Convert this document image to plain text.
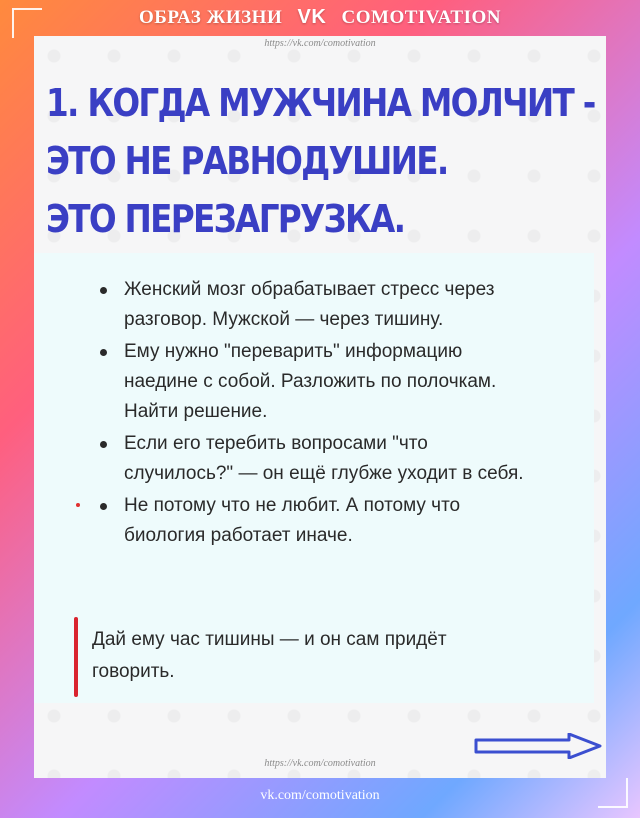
ОБРАЗ ЖИЗНИ VK COMOTIVATION
https://vk.com/comotivation
1. КОГДА МУЖЧИНА МОЛЧИТ -
ЭТО НЕ РАВНОДУШИЕ.
ЭТО ПЕРЕЗАГРУЗКА.
Женский мозг обрабатывает стресс через разговор. Мужской — через тишину.
Ему нужно "переварить" информацию наедине с собой. Разложить по полочкам. Найти решение.
Если его теребить вопросами "что случилось?" — он ещё глубже уходит в себя.
Не потому что не любит. А потому что биология работает иначе.
Дай ему час тишины — и он сам придёт говорить.
https://vk.com/comotivation
vk.com/comotivation
